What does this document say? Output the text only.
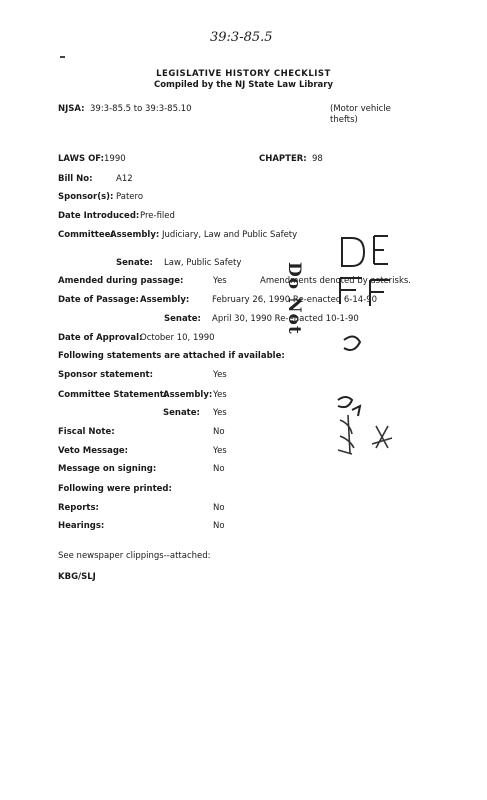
39:3-85.5
LEGISLATIVE HISTORY CHECKLIST
Compiled by the NJ State Law Library
NJSA: 39:3-85.5 to 39:3-85.10	(Motor vehicle
thefts)
LAWS OF: 1990	CHAPTER: 98
Bill No:	A12
Sponsor(s): Patero
Date Introduced: Pre-filed
Committee:
Assembly: Judiciary, Law and Public Safety
Senate: Law, Public Safety
Amended during passage:	Yes	Amendments denoted by asterisks.
Date of Passage: Assembly:	February 26, 1990 Re-enacted 6-14-90
Senate: April 30, 1990 Re-enacted 10-1-90
Date of Approval:
October 10, 1990
Following statements are attached if available:
Sponsor statement:	Yes
Committee Statement:
Assembly: Yes
Senate: Yes
Fiscal Note:	No
Veto Message:	Yes
Message on signing:	No
Following were printed:
Reports:	No
Hearings:	No
See newspaper clippings--attached:
KBG/SLJ
Do Not
